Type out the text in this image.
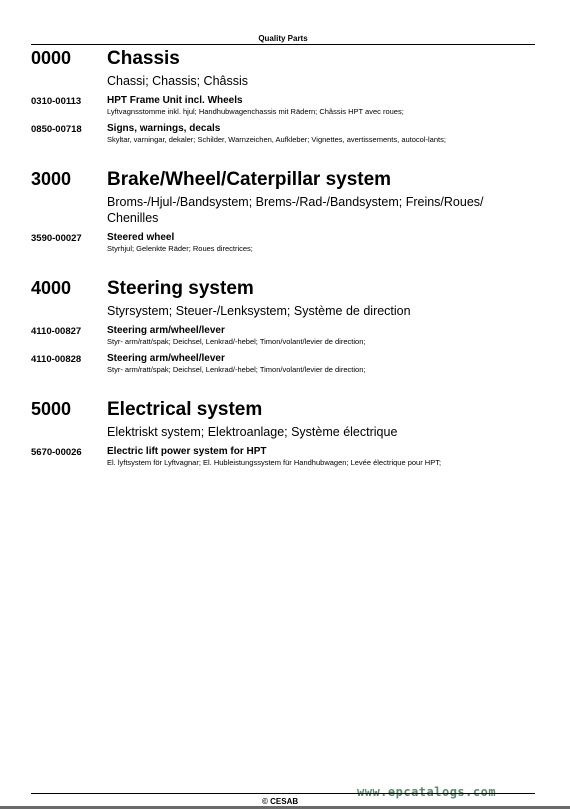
Quality Parts
0000	Chassis
Chassi; Chassis; Châssis
0310-00113	HPT Frame Unit incl. Wheels
Lyftvagnsstomme inkl. hjul; Handhubwagenchassis mit Rädern; Châssis HPT avec roues;
0850-00718	Signs, warnings, decals
Skyltar, varningar, dekaler; Schilder, Warnzeichen, Aufkleber; Vignettes, avertissements, autocol-lants;
3000	Brake/Wheel/Caterpillar system
Broms-/Hjul-/Bandsystem; Brems-/Rad-/Bandsystem; Freins/Roues/ Chenilles
3590-00027	Steered wheel
Styrhjul; Gelenkte Räder; Roues directrices;
4000	Steering system
Styrsystem; Steuer-/Lenksystem; Système de direction
4110-00827	Steering arm/wheel/lever
Styr- arm/ratt/spak; Deichsel, Lenkrad/-hebel; Timon/volant/levier de direction;
4110-00828	Steering arm/wheel/lever
Styr- arm/ratt/spak; Deichsel, Lenkrad/-hebel; Timon/volant/levier de direction;
5000	Electrical system
Elektriskt system; Elektroanlage; Système électrique
5670-00026	Electric lift power system for HPT
El. lyftsystem för Lyftvagnar; El. Hubleistungssystem für Handhubwagen; Levée électrique pour HPT;
www.epcatalogs.com
© CESAB
